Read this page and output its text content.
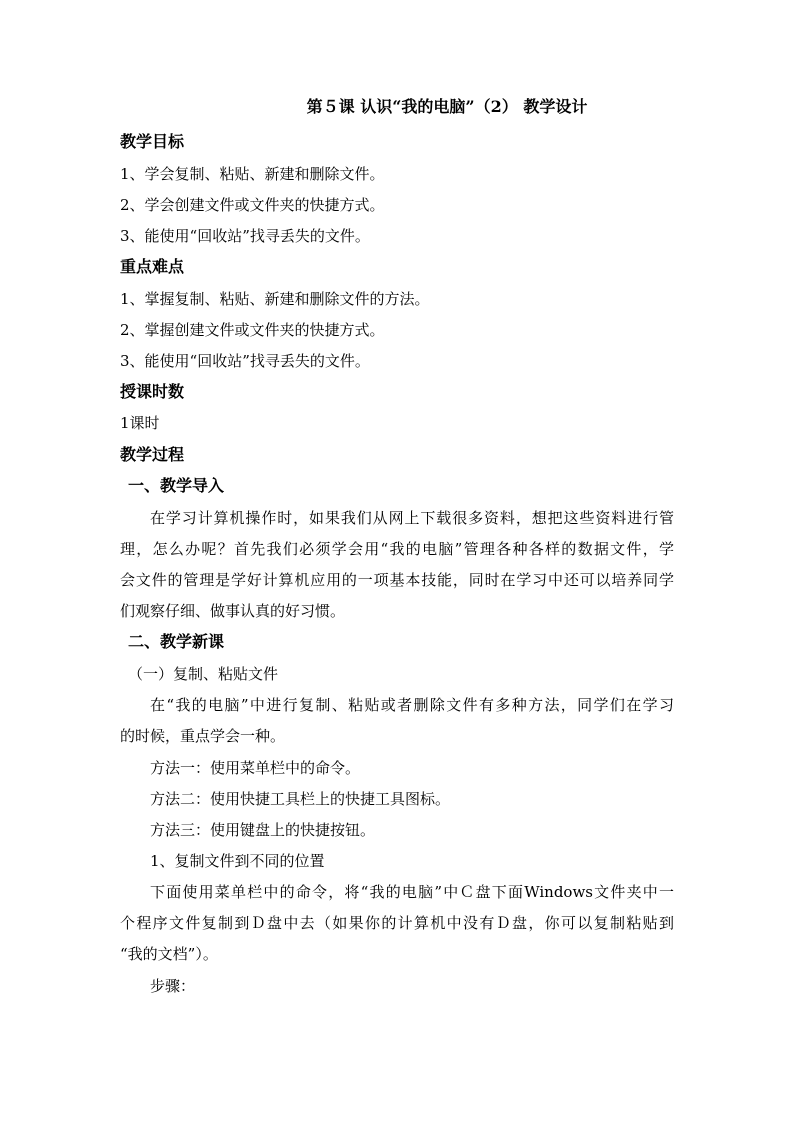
第５课 认识“我的电脑”（2） 教学设计
教学目标
1、学会复制、粘贴、新建和删除文件。
2、学会创建文件或文件夹的快捷方式。
3、能使用“回收站”找寻丢失的文件。
重点难点
1、掌握复制、粘贴、新建和删除文件的方法。
2、掌握创建文件或文件夹的快捷方式。
3、能使用“回收站”找寻丢失的文件。
授课时数
1课时
教学过程
一、教学导入
在学习计算机操作时，如果我们从网上下载很多资料，想把这些资料进行管
理，怎么办呢？首先我们必须学会用“我的电脑”管理各种各样的数据文件，学
会文件的管理是学好计算机应用的一项基本技能，同时在学习中还可以培养同学
们观察仔细、做事认真的好习惯。
二、教学新课
（一）复制、粘贴文件
在“我的电脑”中进行复制、粘贴或者删除文件有多种方法，同学们在学习
的时候，重点学会一种。
方法一：使用菜单栏中的命令。
方法二：使用快捷工具栏上的快捷工具图标。
方法三：使用键盘上的快捷按钮。
1、复制文件到不同的位置
下面使用菜单栏中的命令，将“我的电脑”中Ｃ盘下面Windows文件夹中一
个程序文件复制到Ｄ盘中去（如果你的计算机中没有Ｄ盘，你可以复制粘贴到
“我的文档”）。
步骤：
